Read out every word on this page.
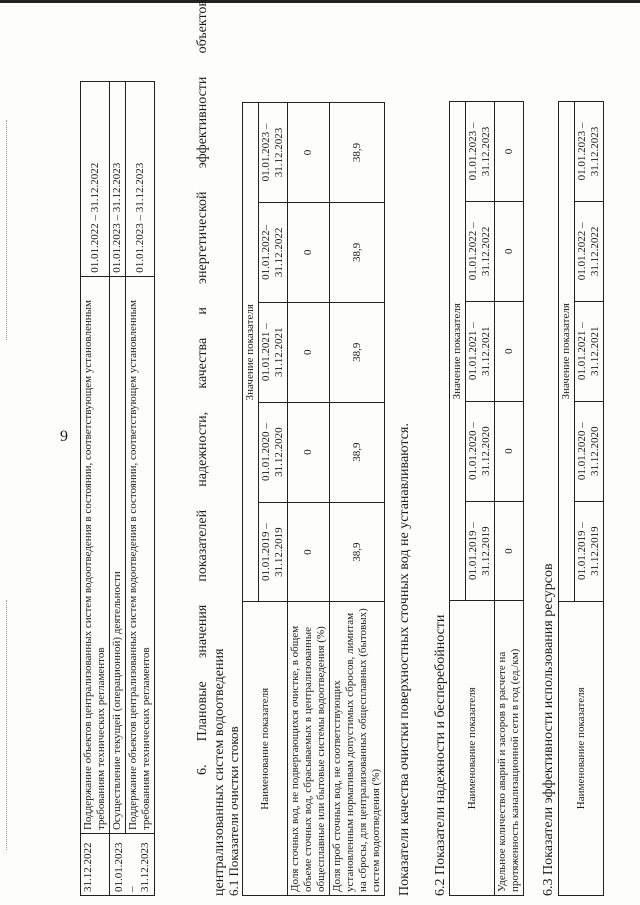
9
31.12.2022	Поддержание объектов централизованных систем водоотведения в состоянии, соответствующем установленным требованиям технических регламентов	01.01.2022 – 31.12.2022

01.01.2023 – 31.12.2023	Осуществление текущей (операционной) деятельности	01.01.2023 – 31.12.2023
	Поддержание объектов централизованных систем водоотведения в состоянии, соответствующем установленным требованиям технических регламентов	01.01.2023 – 31.12.2023
6.
Плановые
значения
показателей
надежности,
качества
и
энергетической
эффективности
объектов
централизованных систем водоотведения 6.1 Показатели очистки стоков Наименование показателя	Значение показателя				
	01.01.2019 – 31.12.2019	01.01.2020 – 31.12.2020	01.01.2021 – 31.12.2021	01.01.2022– 31.12.2022	01.01.2023 – 31.12.2023
Доля сточных вод, не подвергающихся очистке, в общем объеме сточных вод, сбрасываемых в централизованные общесплавные или бытовые системы водоотведения (%)	0	0	0	0	0
Доля проб сточных вод, не соответствующих установленным нормативам допустимых сбросов, лимитам на сбросы, для централизованных общесплавных (бытовых) систем водоотведения (%)	38,9	38,9	38,9	38,9	38,9
Показатели качества очистки поверхностных сточных вод не устанавливаются. 6.2 Показатели надежности и бесперебойности Наименование показателя	Значение показателя				
	01.01.2019 – 31.12.2019	01.01.2020 – 31.12.2020	01.01.2021 – 31.12.2021	01.01.2022 – 31.12.2022	01.01.2023 – 31.12.2023
Удельное количество аварий и засоров в расчете на протяженность канализационной сети в год (ед./км)	0	0	0	0	0
6.3 Показатели эффективности использования ресурсов Наименование показателя	Значение показателя				
	01.01.2019 – 31.12.2019	01.01.2020 – 31.12.2020	01.01.2021 – 31.12.2021	01.01.2022 – 31.12.2022	01.01.2023 – 31.12.2023
